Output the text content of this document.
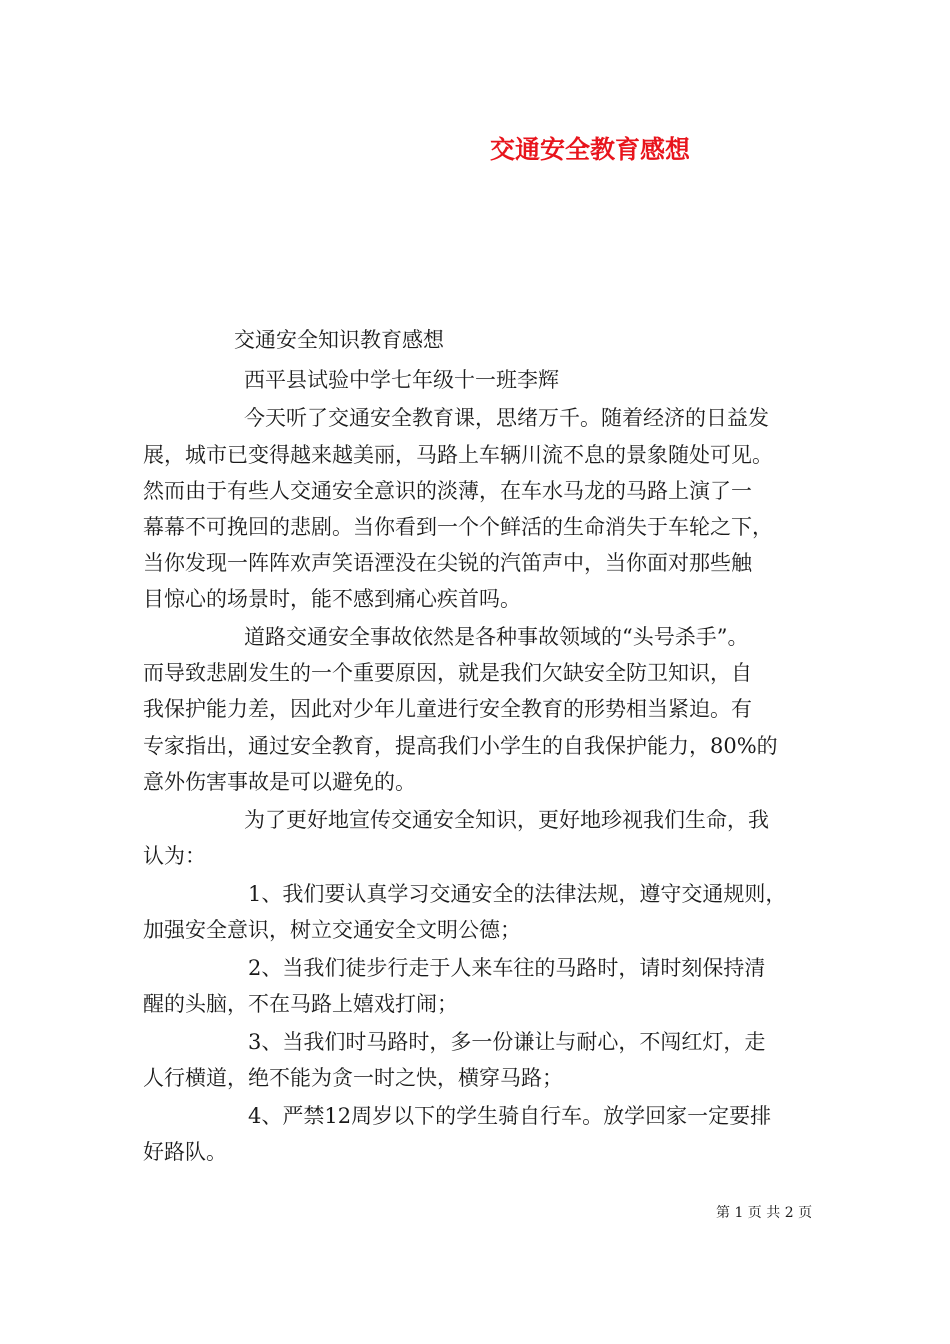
交通安全教育感想

交通安全知识教育感想

西平县试验中学七年级十一班李辉

今天听了交通安全教育课，思绪万千。随着经济的日益发

展，城市已变得越来越美丽，马路上车辆川流不息的景象随处可见。

然而由于有些人交通安全意识的淡薄，在车水马龙的马路上演了一

幕幕不可挽回的悲剧。当你看到一个个鲜活的生命消失于车轮之下，

当你发现一阵阵欢声笑语湮没在尖锐的汽笛声中，当你面对那些触

目惊心的场景时，能不感到痛心疾首吗。

道路交通安全事故依然是各种事故领域的“头号杀手”。

而导致悲剧发生的一个重要原因，就是我们欠缺安全防卫知识，自

我保护能力差，因此对少年儿童进行安全教育的形势相当紧迫。有

专家指出，通过安全教育，提高我们小学生的自我保护能力，80%的

意外伤害事故是可以避免的。

为了更好地宣传交通安全知识，更好地珍视我们生命，我

认为：

1、我们要认真学习交通安全的法律法规，遵守交通规则，

加强安全意识，树立交通安全文明公德；

2、当我们徒步行走于人来车往的马路时，请时刻保持清

醒的头脑，不在马路上嬉戏打闹；

3、当我们时马路时，多一份谦让与耐心，不闯红灯，走

人行横道，绝不能为贪一时之快，横穿马路；

4、严禁12周岁以下的学生骑自行车。放学回家一定要排

好路队。

第 1 页 共 2 页
